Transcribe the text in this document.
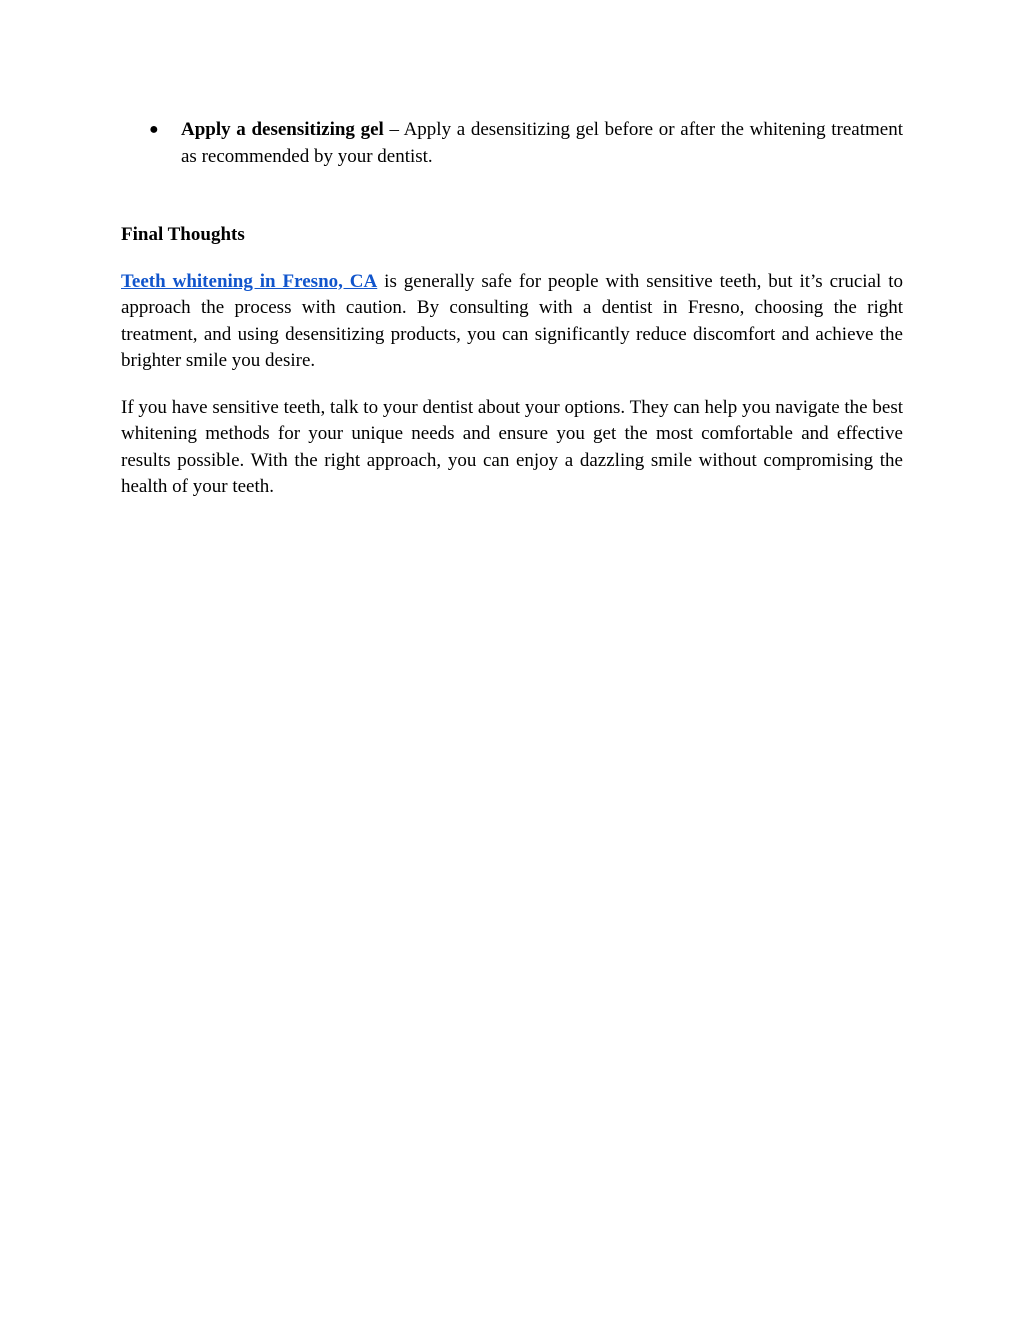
● Apply a desensitizing gel – Apply a desensitizing gel before or after the whitening treatment as recommended by your dentist.

Final Thoughts

Teeth whitening in Fresno, CA is generally safe for people with sensitive teeth, but it’s crucial to approach the process with caution. By consulting with a dentist in Fresno, choosing the right treatment, and using desensitizing products, you can significantly reduce discomfort and achieve the brighter smile you desire.

If you have sensitive teeth, talk to your dentist about your options. They can help you navigate the best whitening methods for your unique needs and ensure you get the most comfortable and effective results possible. With the right approach, you can enjoy a dazzling smile without compromising the health of your teeth.
